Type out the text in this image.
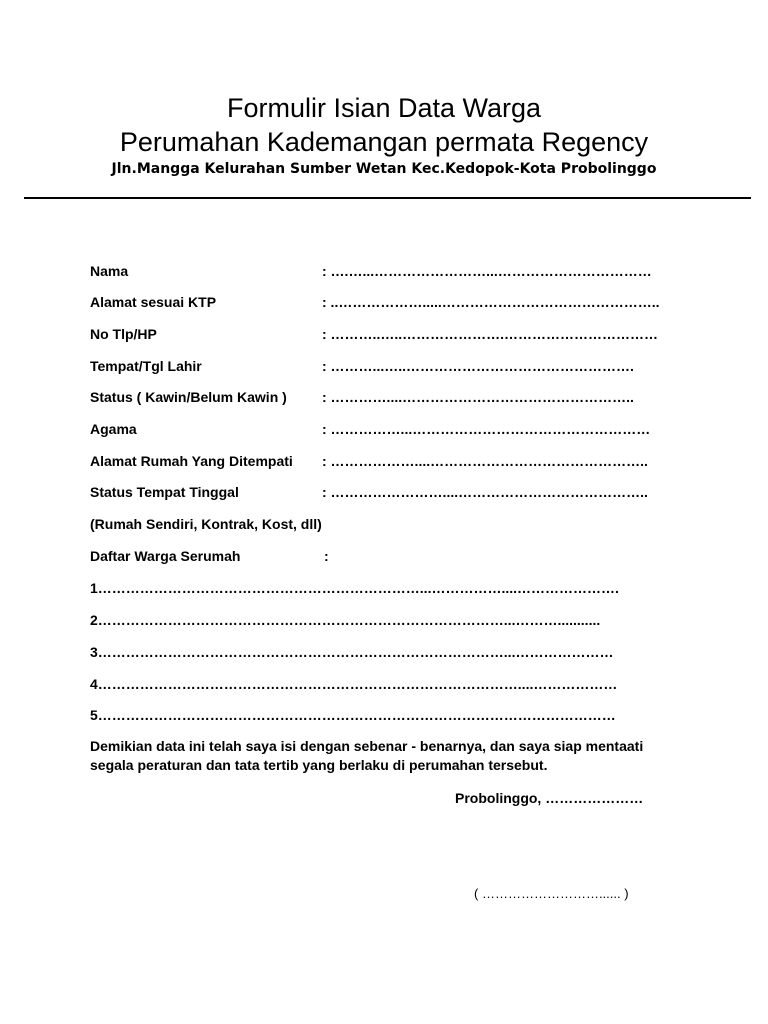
Formulir Isian Data Warga
Perumahan Kademangan permata Regency
Jln.Mangga Kelurahan Sumber Wetan Kec.Kedopok-Kota Probolinggo
Nama	: ….…...……………………...……………………………
Alamat sesuai KTP	: ..……………….....………………………………………..
No Tlp/HP	: ………..…..………………….……………………………
Tempat/Tgl Lahir	: ………...…..………………………………………….
Status ( Kawin/Belum Kawin )	: …………....…………………………………………..
Agama	: ……………...……………………………………………
Alamat Rumah Yang Ditempati : ………………....………………………………………..
Status Tempat Tinggal	: ……………………....…………………………………..
(Rumah Sendiri, Kontrak, Kost, dll)
Daftar Warga Serumah	:
1……………………………………………………………...……………....………………….
2……………………………………………………………………………...………...........
3……………………………………………………………………………...…………………
4………………………………………………………………………………....………………
5…………………………………………………………………………………………………
Demikian data ini telah saya isi dengan sebenar - benarnya, dan saya siap mentaati segala peraturan dan tata tertib yang berlaku di perumahan tersebut.
Probolinggo, …………………
( ………………………...... )
